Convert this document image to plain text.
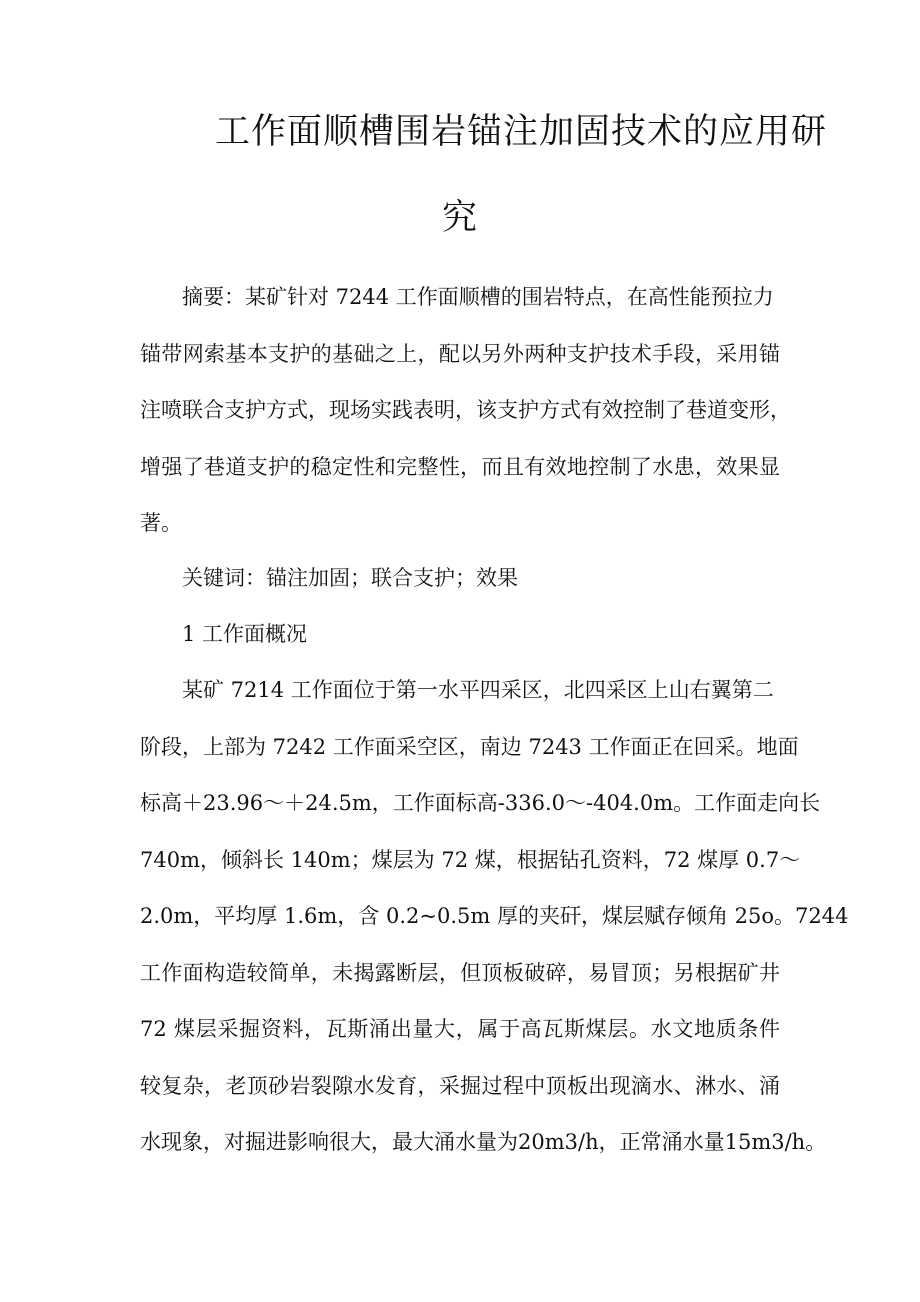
工作面顺槽围岩锚注加固技术的应用研
究
摘要：某矿针对 7244 工作面顺槽的围岩特点，在高性能预拉力
锚带网索基本支护的基础之上，配以另外两种支护技术手段，采用锚
注喷联合支护方式，现场实践表明，该支护方式有效控制了巷道变形，
增强了巷道支护的稳定性和完整性，而且有效地控制了水患，效果显
著。
关键词：锚注加固；联合支护；效果
1 工作面概况
某矿 7214 工作面位于第一水平四采区，北四采区上山右翼第二
阶段，上部为 7242 工作面采空区，南边 7243 工作面正在回采。地面
标高＋23.96～＋24.5m，工作面标高-336.0～-404.0m。工作面走向长
740m，倾斜长 140m；煤层为 72 煤，根据钻孔资料，72 煤厚 0.7～
2.0m，平均厚 1.6m，含 0.2~0.5m 厚的夹矸，煤层赋存倾角 25o。7244
工作面构造较简单，未揭露断层，但顶板破碎，易冒顶；另根据矿井
72 煤层采掘资料，瓦斯涌出量大，属于高瓦斯煤层。水文地质条件
较复杂，老顶砂岩裂隙水发育，采掘过程中顶板出现滴水、淋水、涌
水现象，对掘进影响很大，最大涌水量为20m3/h，正常涌水量15m3/h。
